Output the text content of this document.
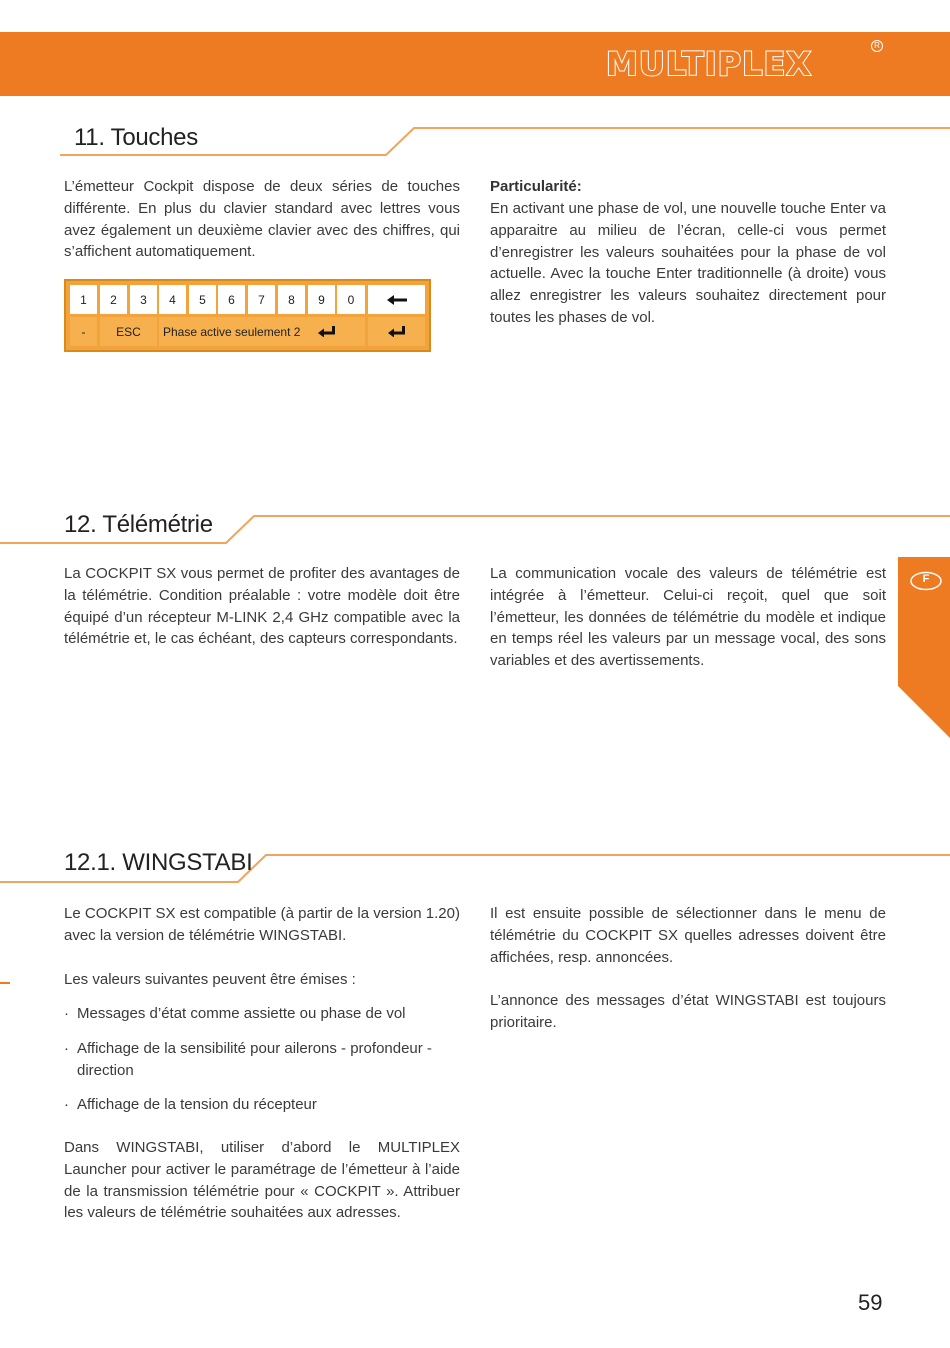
MULTIPLEX	R
11. Touches
L’émetteur Cockpit dispose de deux séries de touches différente. En plus du clavier standard avec lettres vous avez également un deuxième clavier avec des chiffres, qui s’affichent automatiquement.
1	2	3	4	5	6	7	8	9	0
-	ESC	Phase active seulement 2
Particularité:
En activant une phase de vol, une nouvelle touche Enter va apparaitre au milieu de l’écran, celle-ci vous permet d’enregistrer les valeurs souhaitées pour la phase de vol actuelle. Avec la touche Enter traditionnelle (à droite) vous allez enregistrer les valeurs souhaitez directement pour toutes les phases de vol.
12. Télémétrie
La COCKPIT SX vous permet de profiter des avantages de la télémétrie. Condition préalable : votre modèle doit être équipé d’un récepteur M-LINK 2,4 GHz compatible avec la télémétrie et, le cas échéant, des capteurs correspondants.
La communication vocale des valeurs de télémétrie est intégrée à l’émetteur. Celui-ci reçoit, quel que soit l’émetteur, les données de télémétrie du modèle et indique en temps réel les valeurs par un message vocal, des sons variables et des avertissements.
F
12.1. WINGSTABI
Le COCKPIT SX est compatible (à partir de la version 1.20) avec la version de télémétrie WINGSTABI.
Les valeurs suivantes peuvent être émises :
· Messages d’état comme assiette ou phase de vol
· Affichage de la sensibilité pour ailerons - profondeur - direction
· Affichage de la tension du récepteur
Dans WINGSTABI, utiliser d’abord le MULTIPLEX Launcher pour activer le paramétrage de l’émetteur à l’aide de la transmission télémétrie pour « COCKPIT ». Attribuer les valeurs de télémétrie souhaitées aux adresses.
Il est ensuite possible de sélectionner dans le menu de télémétrie du COCKPIT SX quelles adresses doivent être affichées, resp. annoncées.
L’annonce des messages d’état WINGSTABI est toujours prioritaire.
59
